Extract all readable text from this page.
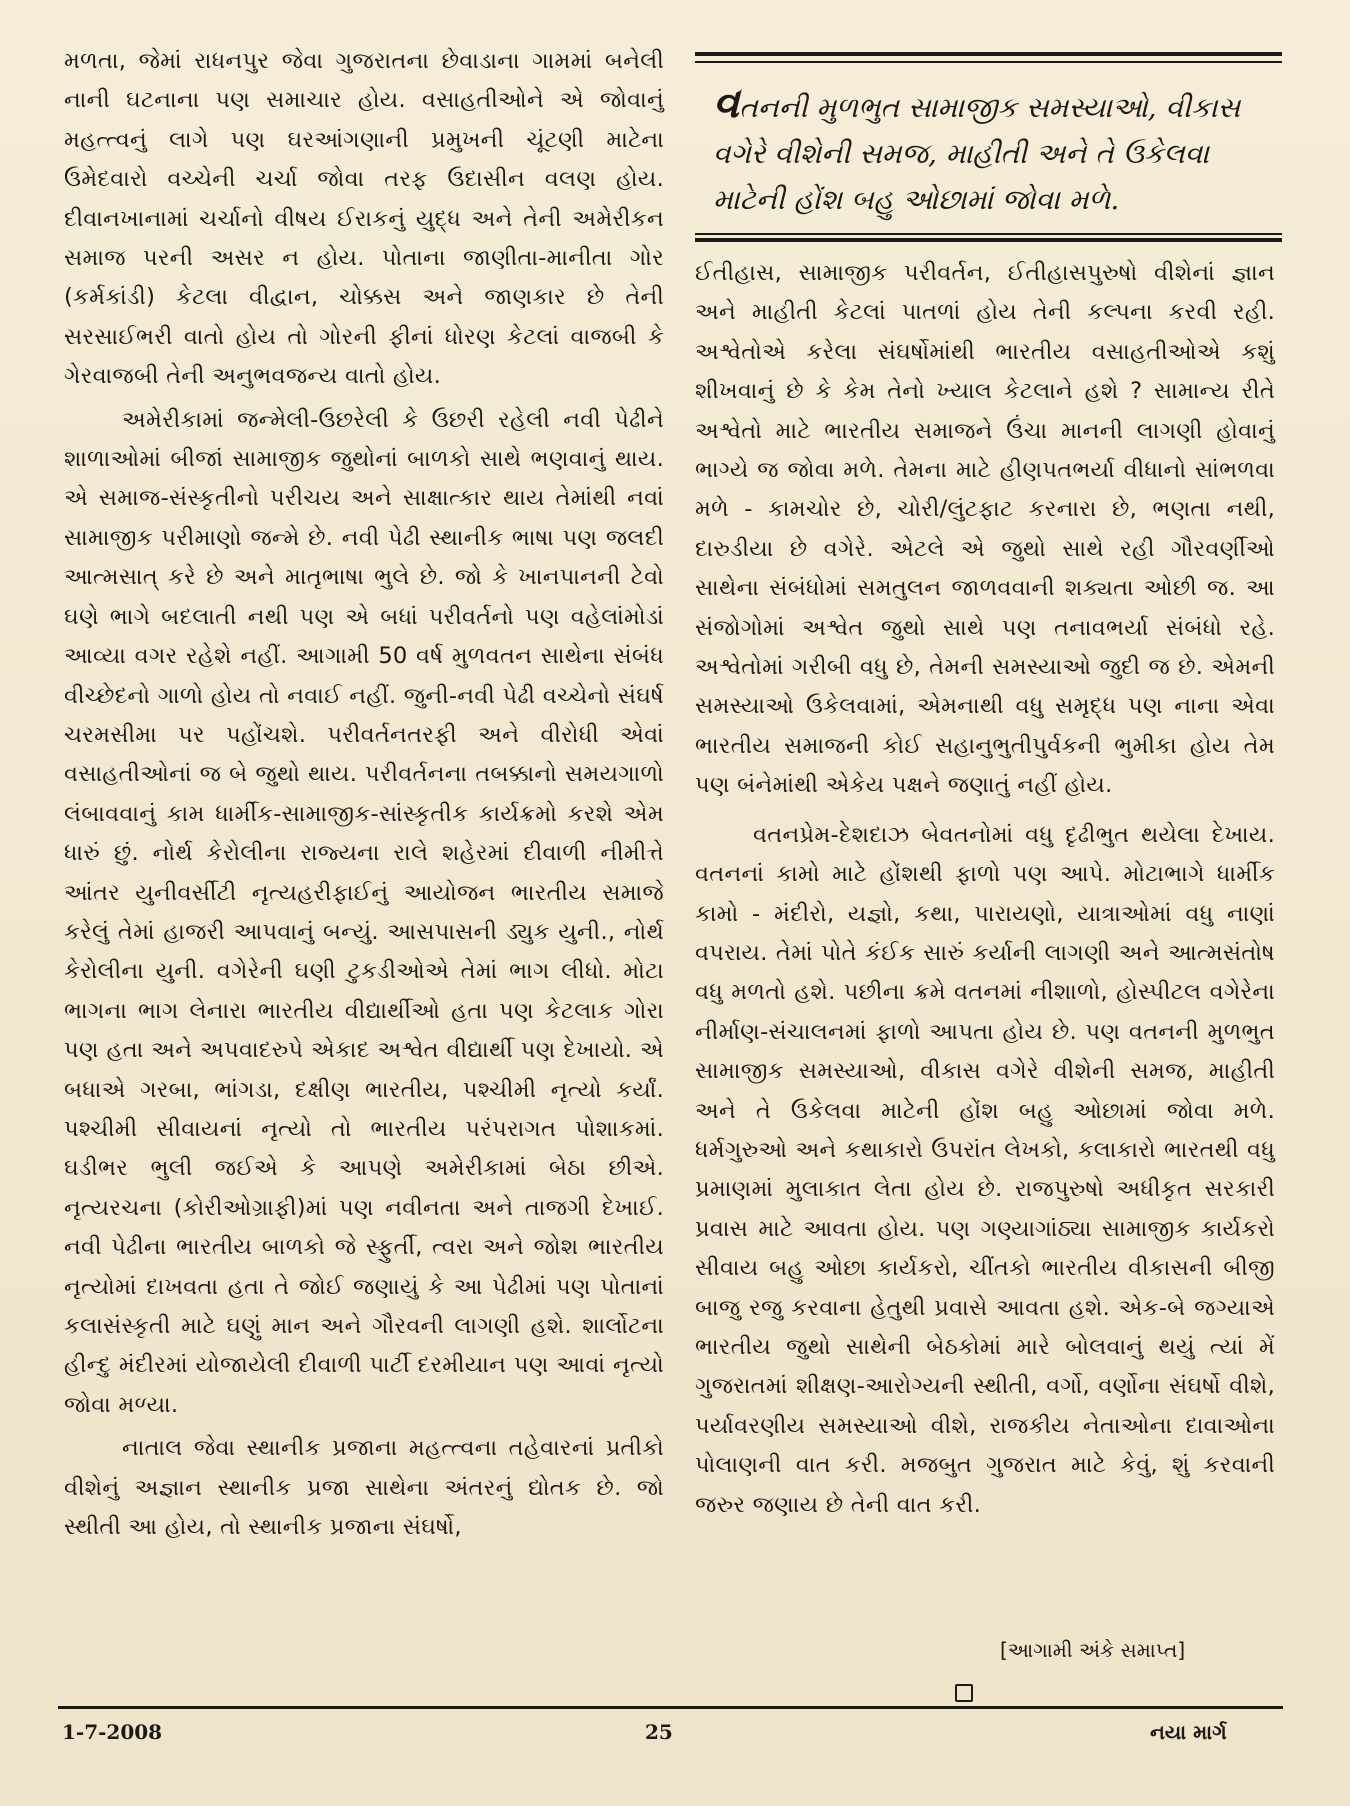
મળતા, જેમાં રાધનપુર જેવા ગુજરાતના છેવાડાના ગામમાં બનેલી નાની ઘટનાના પણ સમાચાર હોય. વસાહતીઓને એ જોવાનું મહત્ત્વનું લાગે પણ ઘરઆંગણાની પ્રમુખની ચૂંટણી માટેના ઉમેદવારો વચ્ચેની ચર્ચા જોવા તરફ ઉદાસીન વલણ હોય. દીવાનખાનામાં ચર્ચાનો વીષય ઈરાકનું યુદ્ધ અને તેની અમેરીકન સમાજ પરની અસર ન હોય. પોતાના જાણીતા-માનીતા ગોર (કર્મકાંડી) કેટલા વીદ્વાન, ચોક્કસ અને જાણકાર છે તેની સરસાઈભરી વાતો હોય તો ગોરની ફીનાં ધોરણ કેટલાં વાજબી કે ગેરવાજબી તેની અનુભવજન્ય વાતો હોય.

અમેરીકામાં જન્મેલી-ઉછરેલી કે ઉછરી રહેલી નવી પેઢીને શાળાઓમાં બીજાં સામાજીક જુથોનાં બાળકો સાથે ભણવાનું થાય. એ સમાજ-સંસ્કૃતીનો પરીચય અને સાક્ષાત્કાર થાય તેમાંથી નવાં સામાજીક પરીમાણો જન્મે છે. નવી પેઢી સ્થાનીક ભાષા પણ જલદી આત્મસાત્ કરે છે અને માતૃભાષા ભુલે છે. જો કે ખાનપાનની ટેવો ઘણે ભાગે બદલાતી નથી પણ એ બધાં પરીવર્તનો પણ વહેલાંમોડાં આવ્યા વગર રહેશે નહીં. આગામી 50 વર્ષ મુળવતન સાથેના સંબંધ વીચ્છેદનો ગાળો હોય તો નવાઈ નહીં. જુની-નવી પેઢી વચ્ચેનો સંઘર્ષ ચરમસીમા પર પહોંચશે. પરીવર્તનતરફી અને વીરોધી એવાં વસાહતીઓનાં જ બે જુથો થાય. પરીવર્તનના તબક્કાનો સમયગાળો લંબાવવાનું કામ ધાર્મીક-સામાજીક-સાંસ્કૃતીક કાર્યક્રમો કરશે એમ ધારું છું. નોર્થ કેરોલીના રાજ્યના રાલે શહેરમાં દીવાળી નીમીત્તે આંતર યુનીવર્સીટી નૃત્યહરીફાઈનું આયોજન ભારતીય સમાજે કરેલું તેમાં હાજરી આપવાનું બન્યું. આસપાસની ડ્યુક યુની., નોર્થ કેરોલીના યુની. વગેરેની ઘણી ટુકડીઓએ તેમાં ભાગ લીધો. મોટા ભાગના ભાગ લેનારા ભારતીય વીદ્યાર્થીઓ હતા પણ કેટલાક ગોરા પણ હતા અને અપવાદરુપે એકાદ અશ્વેત વીદ્યાર્થી પણ દેખાયો. એ બધાએ ગરબા, ભાંગડા, દક્ષીણ ભારતીય, પશ્ચીમી નૃત્યો કર્યાં. પશ્ચીમી સીવાયનાં નૃત્યો તો ભારતીય પરંપરાગત પોશાકમાં. ઘડીભર ભુલી જઈએ કે આપણે અમેરીકામાં બેઠા છીએ. નૃત્યરચના (કોરીઓગ્રાફી)માં પણ નવીનતા અને તાજગી દેખાઈ. નવી પેઢીના ભારતીય બાળકો જે સ્ફુર્તી, ત્વરા અને જોશ ભારતીય નૃત્યોમાં દાખવતા હતા તે જોઈ જણાયું કે આ પેઢીમાં પણ પોતાનાં કલાસંસ્કૃતી માટે ઘણું માન અને ગૌરવની લાગણી હશે. શાર્લોટના હીન્દુ મંદીરમાં યોજાયેલી દીવાળી પાર્ટી દરમીયાન પણ આવાં નૃત્યો જોવા મળ્યા.

નાતાલ જેવા સ્થાનીક પ્રજાના મહત્ત્વના તહેવારનાં પ્રતીકો વીશેનું અજ્ઞાન સ્થાનીક પ્રજા સાથેના અંતરનું દ્યોતક છે. જો સ્થીતી આ હોય, તો સ્થાનીક પ્રજાના સંઘર્ષો,

વતનની મુળભુત સામાજીક સમસ્યાઓ, વીકાસ વગેરે વીશેની સમજ, માહીતી અને તે ઉકેલવા માટેની હોંશ બહુ ઓછામાં જોવા મળે.

ઈતીહાસ, સામાજીક પરીવર્તન, ઈતીહાસપુરુષો વીશેનાં જ્ઞાન અને માહીતી કેટલાં પાતળાં હોય તેની કલ્પના કરવી રહી. અશ્વેતોએ કરેલા સંઘર્ષોમાંથી ભારતીય વસાહતીઓએ કશું શીખવાનું છે કે કેમ તેનો ખ્યાલ કેટલાને હશે ? સામાન્ય રીતે અશ્વેતો માટે ભારતીય સમાજને ઉંચા માનની લાગણી હોવાનું ભાગ્યે જ જોવા મળે. તેમના માટે હીણપતભર્યા વીધાનો સાંભળવા મળે - કામચોર છે, ચોરી/લુંટફાટ કરનારા છે, ભણતા નથી, દારુડીયા છે વગેરે. એટલે એ જુથો સાથે રહી ગૌરવર્ણીઓ સાથેના સંબંધોમાં સમતુલન જાળવવાની શક્યતા ઓછી જ. આ સંજોગોમાં અશ્વેત જુથો સાથે પણ તનાવભર્યા સંબંધો રહે. અશ્વેતોમાં ગરીબી વધુ છે, તેમની સમસ્યાઓ જુદી જ છે. એમની સમસ્યાઓ ઉકેલવામાં, એમનાથી વધુ સમૃદ્ધ પણ નાના એવા ભારતીય સમાજની કોઈ સહાનુભુતીપુર્વકની ભુમીકા હોય તેમ પણ બંનેમાંથી એકેય પક્ષને જણાતું નહીં હોય.

વતનપ્રેમ-દેશદાઝ બેવતનોમાં વધુ દૃઢીભુત થયેલા દેખાય. વતનનાં કામો માટે હોંશથી ફાળો પણ આપે. મોટાભાગે ધાર્મીક કામો - મંદીરો, યજ્ઞો, કથા, પારાયણો, યાત્રાઓમાં વધુ નાણાં વપરાય. તેમાં પોતે કંઈક સારું કર્યાની લાગણી અને આત્મસંતોષ વધુ મળતો હશે. પછીના ક્રમે વતનમાં નીશાળો, હોસ્પીટલ વગેરેના નીર્માણ-સંચાલનમાં ફાળો આપતા હોય છે. પણ વતનની મુળભુત સામાજીક સમસ્યાઓ, વીકાસ વગેરે વીશેની સમજ, માહીતી અને તે ઉકેલવા માટેની હોંશ બહુ ઓછામાં જોવા મળે. ધર્મગુરુઓ અને કથાકારો ઉપરાંત લેખકો, કલાકારો ભારતથી વધુ પ્રમાણમાં મુલાકાત લેતા હોય છે. રાજપુરુષો અધીકૃત સરકારી પ્રવાસ માટે આવતા હોય. પણ ગણ્યાગાંઠ્યા સામાજીક કાર્યકરો સીવાય બહુ ઓછા કાર્યકરો, ચીંતકો ભારતીય વીકાસની બીજી બાજુ રજુ કરવાના હેતુથી પ્રવાસે આવતા હશે. એક-બે જગ્યાએ ભારતીય જુથો સાથેની બેઠકોમાં મારે બોલવાનું થયું ત્યાં મેં ગુજરાતમાં શીક્ષણ-આરોગ્યની સ્થીતી, વર્ગો, વર્ણોના સંઘર્ષો વીશે, પર્યાવરણીય સમસ્યાઓ વીશે, રાજકીય નેતાઓના દાવાઓના પોલાણની વાત કરી. મજબુત ગુજરાત માટે કેવું, શું કરવાની જરુર જણાય છે તેની વાત કરી.

[આગામી અંકે સમાપ્ત]
1-7-2008	25	નયા માર્ગ
